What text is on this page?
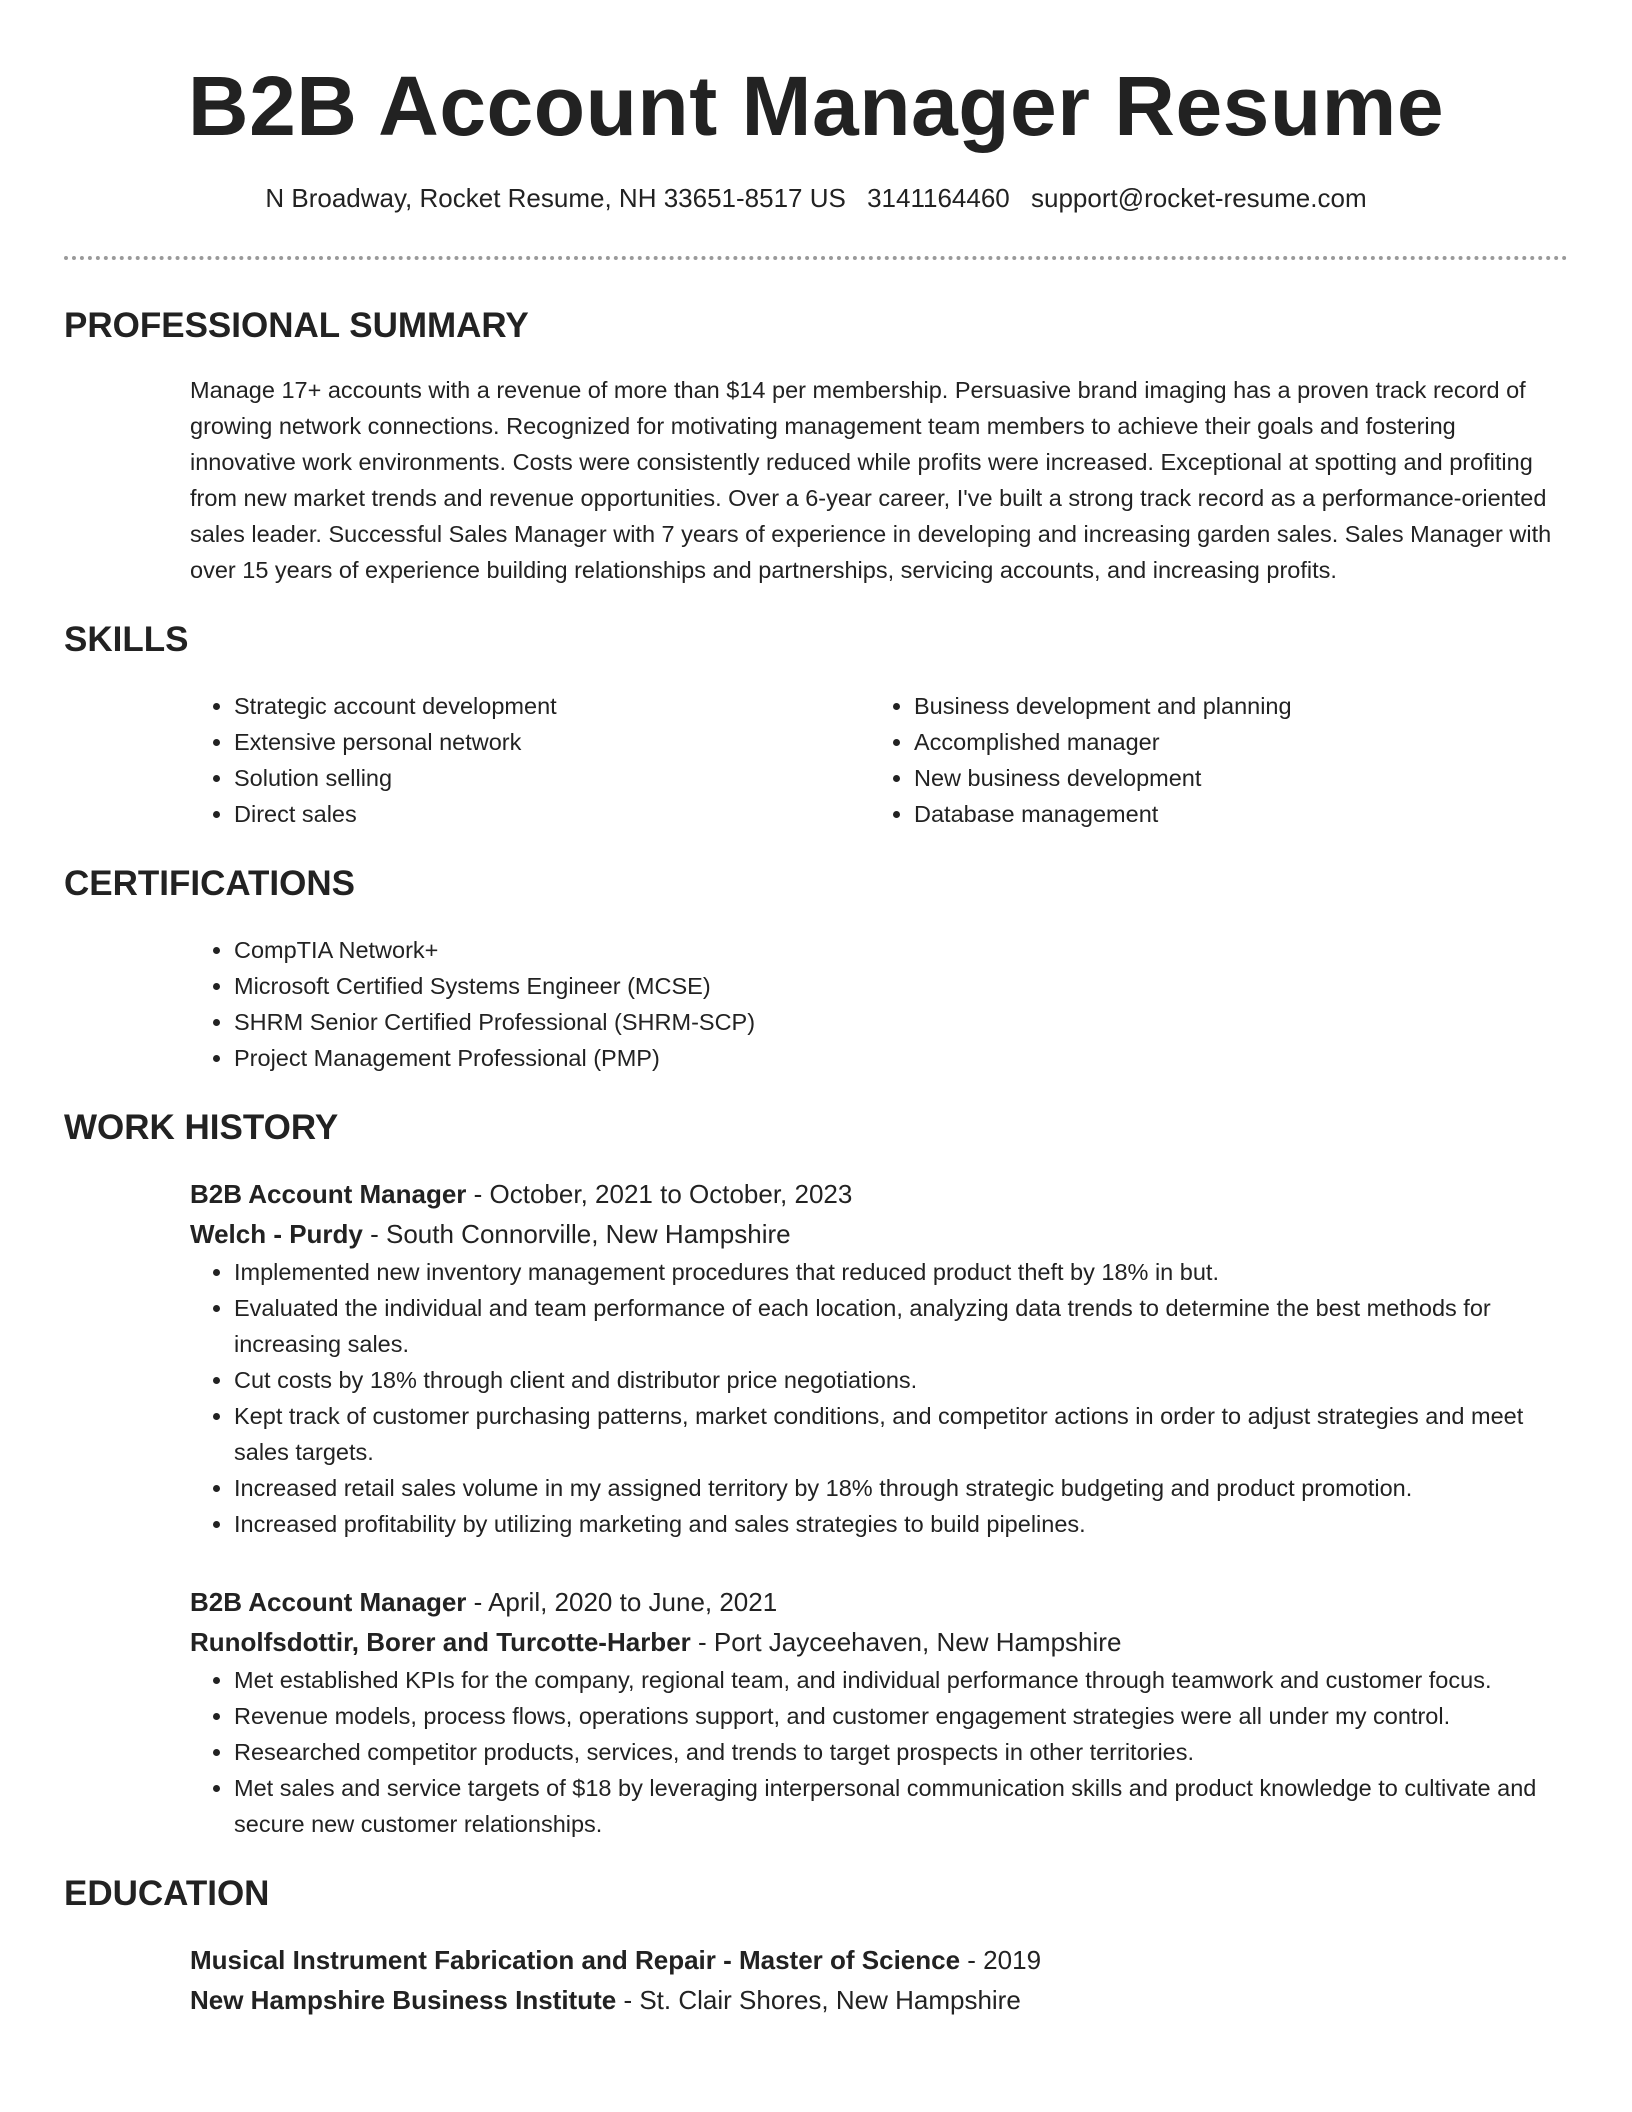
B2B Account Manager Resume
N Broadway, Rocket Resume, NH 33651-8517 US 3141164460 support@rocket-resume.com
PROFESSIONAL SUMMARY
Manage 17+ accounts with a revenue of more than $14 per membership. Persuasive brand imaging has a proven track record of growing network connections. Recognized for motivating management team members to achieve their goals and fostering innovative work environments. Costs were consistently reduced while profits were increased. Exceptional at spotting and profiting from new market trends and revenue opportunities. Over a 6-year career, I've built a strong track record as a performance-oriented sales leader. Successful Sales Manager with 7 years of experience in developing and increasing garden sales. Sales Manager with over 15 years of experience building relationships and partnerships, servicing accounts, and increasing profits.
SKILLS
• Strategic account development
• Extensive personal network
• Solution selling
• Direct sales
• Business development and planning
• Accomplished manager
• New business development
• Database management
CERTIFICATIONS
• CompTIA Network+
• Microsoft Certified Systems Engineer (MCSE)
• SHRM Senior Certified Professional (SHRM-SCP)
• Project Management Professional (PMP)
WORK HISTORY
B2B Account Manager - October, 2021 to October, 2023
Welch - Purdy - South Connorville, New Hampshire
• Implemented new inventory management procedures that reduced product theft by 18% in but.
• Evaluated the individual and team performance of each location, analyzing data trends to determine the best methods for increasing sales.
• Cut costs by 18% through client and distributor price negotiations.
• Kept track of customer purchasing patterns, market conditions, and competitor actions in order to adjust strategies and meet sales targets.
• Increased retail sales volume in my assigned territory by 18% through strategic budgeting and product promotion.
• Increased profitability by utilizing marketing and sales strategies to build pipelines.
B2B Account Manager - April, 2020 to June, 2021
Runolfsdottir, Borer and Turcotte-Harber - Port Jayceehaven, New Hampshire
• Met established KPIs for the company, regional team, and individual performance through teamwork and customer focus.
• Revenue models, process flows, operations support, and customer engagement strategies were all under my control.
• Researched competitor products, services, and trends to target prospects in other territories.
• Met sales and service targets of $18 by leveraging interpersonal communication skills and product knowledge to cultivate and secure new customer relationships.
EDUCATION
Musical Instrument Fabrication and Repair - Master of Science - 2019
New Hampshire Business Institute - St. Clair Shores, New Hampshire
